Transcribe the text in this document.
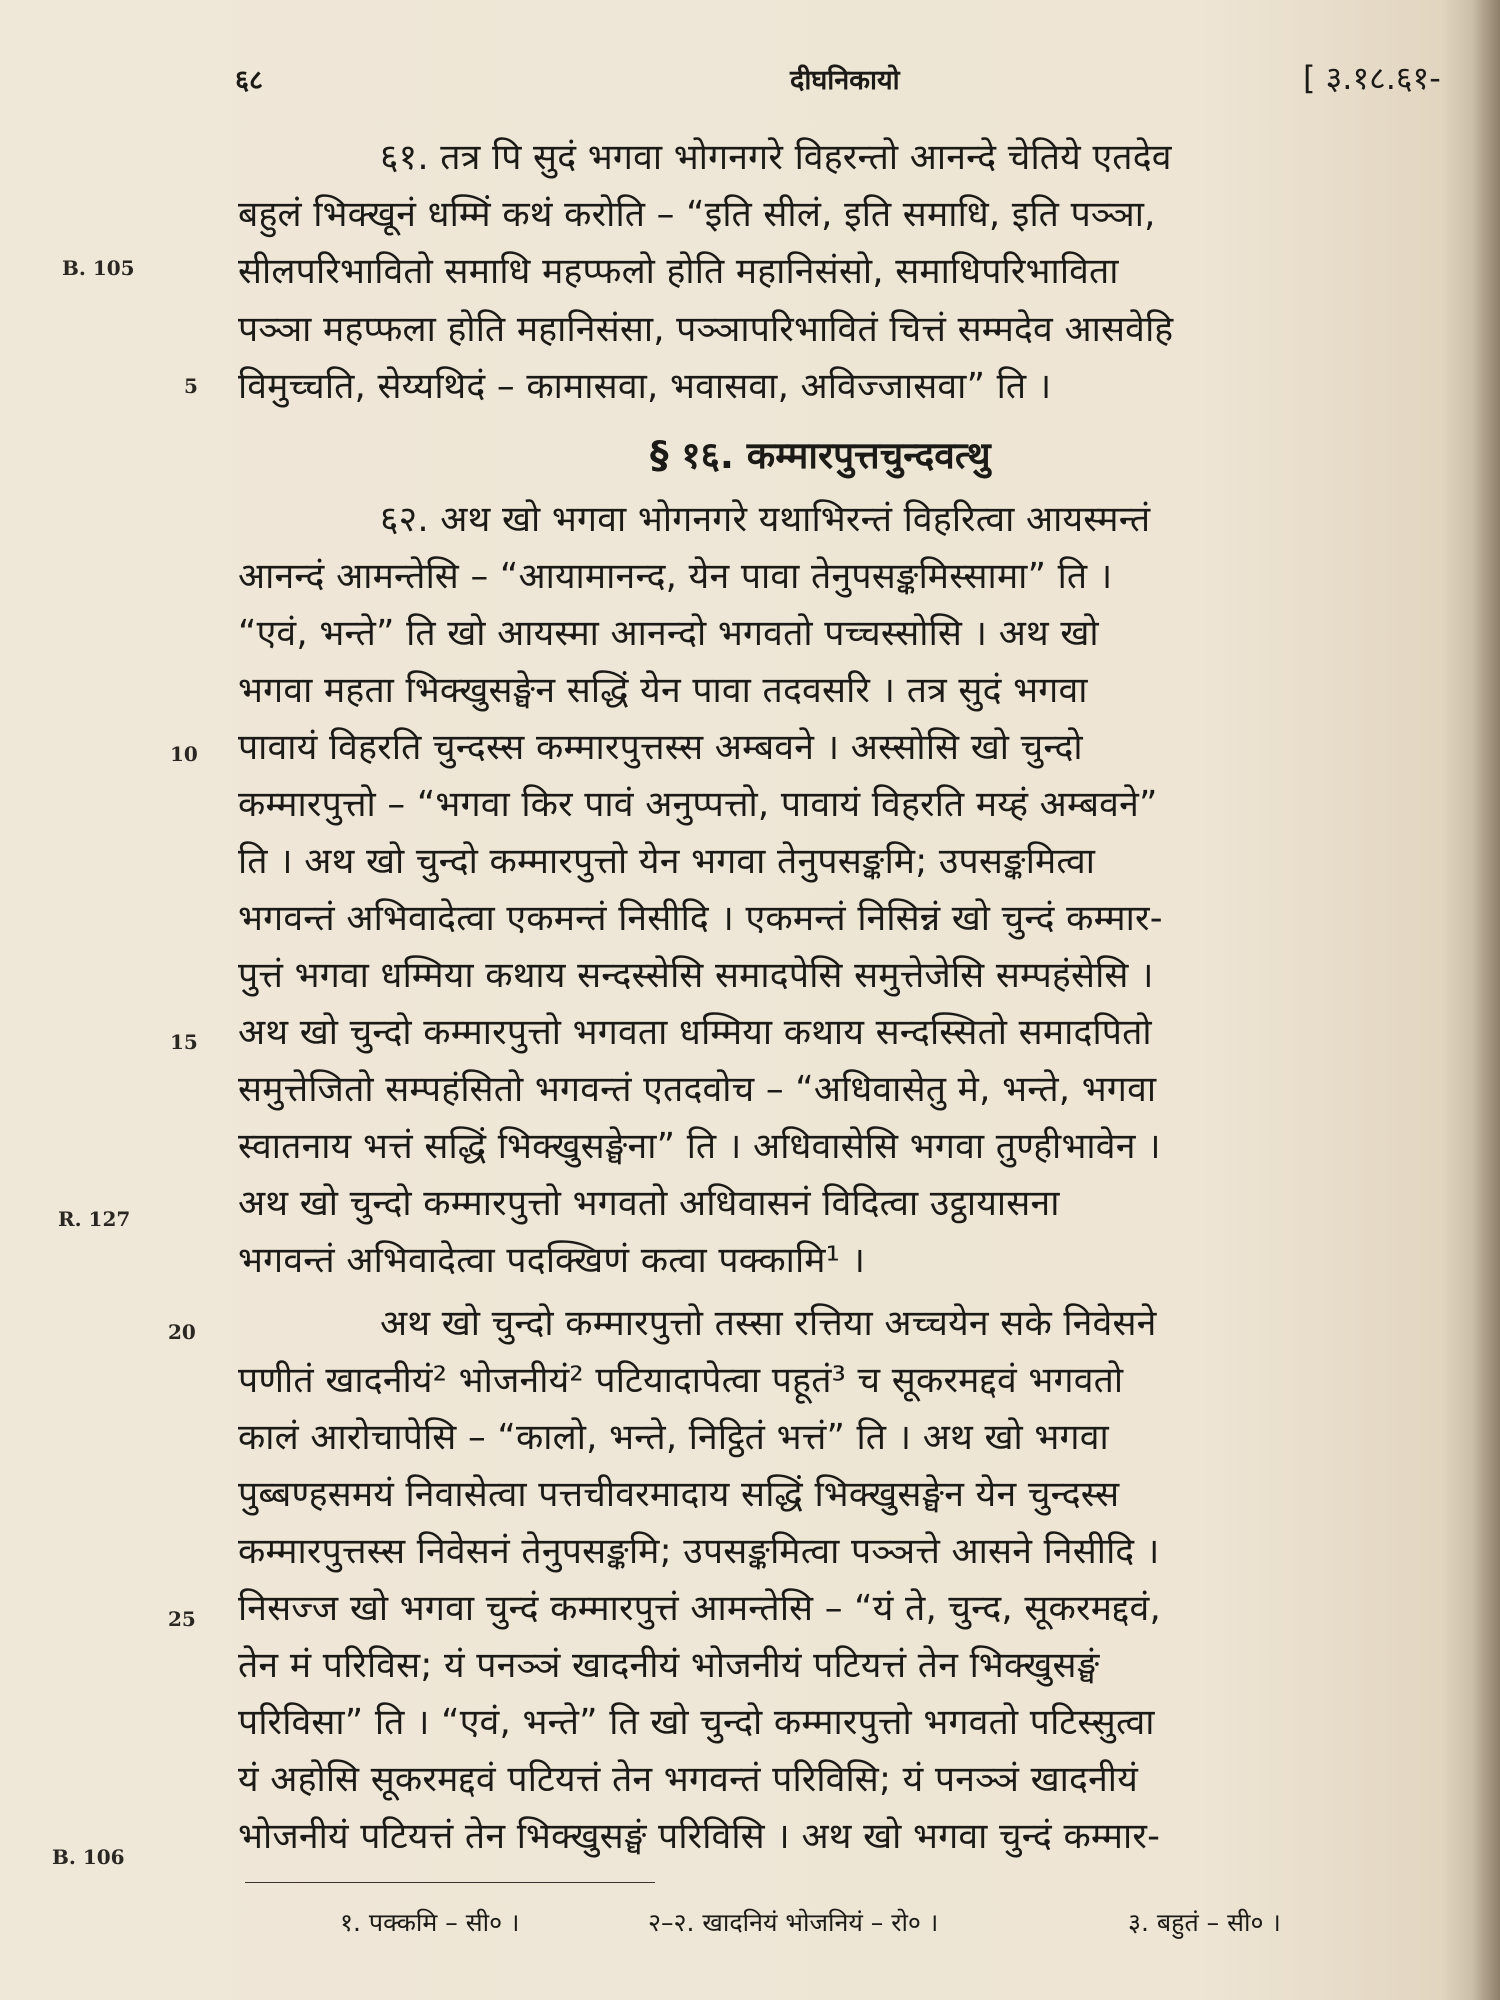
६८	दीघनिकायो	[ ३.१८.६१-
B. 105
R. 127
B. 106
5
10
15
20
25
६१. तत्र पि सुदं भगवा भोगनगरे विहरन्तो आनन्दे चेतिये एतदेव
बहुलं भिक्खूनं धम्मिं कथं करोति – “इति सीलं, इति समाधि, इति पञ्ञा,
सीलपरिभावितो समाधि महप्फलो होति महानिसंसो, समाधिपरिभाविता
पञ्ञा महप्फला होति महानिसंसा, पञ्ञापरिभावितं चित्तं सम्मदेव आसवेहि
विमुच्चति, सेय्यथिदं – कामासवा, भवासवा, अविज्जासवा” ति ।
§ १६. कम्मारपुत्तचुन्दवत्थु
६२. अथ खो भगवा भोगनगरे यथाभिरन्तं विहरित्वा आयस्मन्तं
आनन्दं आमन्तेसि – “आयामानन्द, येन पावा तेनुपसङ्कमिस्सामा” ति ।
“एवं, भन्ते” ति खो आयस्मा आनन्दो भगवतो पच्चस्सोसि । अथ खो
भगवा महता भिक्खुसङ्घेन सद्धिं येन पावा तदवसरि । तत्र सुदं भगवा
पावायं विहरति चुन्दस्स कम्मारपुत्तस्स अम्बवने । अस्सोसि खो चुन्दो
कम्मारपुत्तो – “भगवा किर पावं अनुप्पत्तो, पावायं विहरति मय्हं अम्बवने”
ति । अथ खो चुन्दो कम्मारपुत्तो येन भगवा तेनुपसङ्कमि; उपसङ्कमित्वा
भगवन्तं अभिवादेत्वा एकमन्तं निसीदि । एकमन्तं निसिन्नं खो चुन्दं कम्मार-
पुत्तं भगवा धम्मिया कथाय सन्दस्सेसि समादपेसि समुत्तेजेसि सम्पहंसेसि ।
अथ खो चुन्दो कम्मारपुत्तो भगवता धम्मिया कथाय सन्दस्सितो समादपितो
समुत्तेजितो सम्पहंसितो भगवन्तं एतदवोच – “अधिवासेतु मे, भन्ते, भगवा
स्वातनाय भत्तं सद्धिं भिक्खुसङ्घेना” ति । अधिवासेसि भगवा तुण्हीभावेन ।
अथ खो चुन्दो कम्मारपुत्तो भगवतो अधिवासनं विदित्वा उट्ठायासना
भगवन्तं अभिवादेत्वा पदक्खिणं कत्वा पक्कामि¹ ।
अथ खो चुन्दो कम्मारपुत्तो तस्सा रत्तिया अच्चयेन सके निवेसने
पणीतं खादनीयं² भोजनीयं² पटियादापेत्वा पहूतं³ च सूकरमद्दवं भगवतो
कालं आरोचापेसि – “कालो, भन्ते, निट्ठितं भत्तं” ति । अथ खो भगवा
पुब्बण्हसमयं निवासेत्वा पत्तचीवरमादाय सद्धिं भिक्खुसङ्घेन येन चुन्दस्स
कम्मारपुत्तस्स निवेसनं तेनुपसङ्कमि; उपसङ्कमित्वा पञ्ञत्ते आसने निसीदि ।
निसज्ज खो भगवा चुन्दं कम्मारपुत्तं आमन्तेसि – “यं ते, चुन्द, सूकरमद्दवं,
तेन मं परिविस; यं पनञ्ञं खादनीयं भोजनीयं पटियत्तं तेन भिक्खुसङ्घं
परिविसा” ति । “एवं, भन्ते” ति खो चुन्दो कम्मारपुत्तो भगवतो पटिस्सुत्वा
यं अहोसि सूकरमद्दवं पटियत्तं तेन भगवन्तं परिविसि; यं पनञ्ञं खादनीयं
भोजनीयं पटियत्तं तेन भिक्खुसङ्घं परिविसि । अथ खो भगवा चुन्दं कम्मार-
१. पक्कमि – सी० ।	२–२. खादनियं भोजनियं – रो० ।	३. बहुतं – सी० ।
